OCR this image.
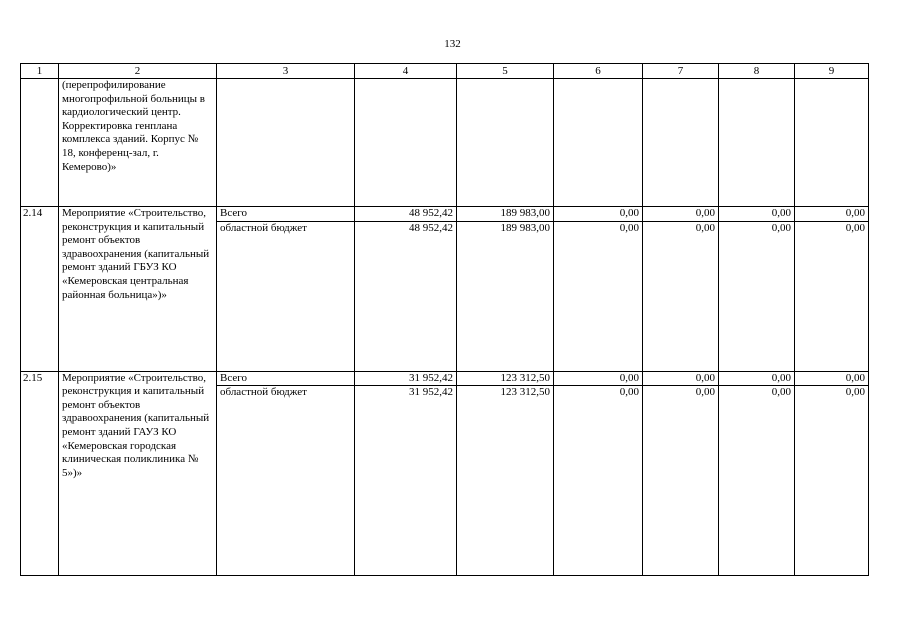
132
1	2	3	4	5	6	7	8	9
	(перепрофилирование многопрофильной больницы в кардиологический центр. Корректировка генплана комплекса зданий. Корпус № 18, конференц-зал, г. Кемерово)»							
2.14	Мероприятие «Строительство, реконструкция и капитальный ремонт объектов здравоохранения (капитальный ремонт зданий ГБУЗ КО «Кемеровская центральная районная больница»)»	Всего	48 952,42	189 983,00	0,00	0,00	0,00	0,00
		областной бюджет	48 952,42	189 983,00	0,00	0,00	0,00	0,00
2.15	Мероприятие «Строительство, реконструкция и капитальный ремонт объектов здравоохранения (капитальный ремонт зданий ГАУЗ КО «Кемеровская городская клиническая поликлиника № 5»)»	Всего	31 952,42	123 312,50	0,00	0,00	0,00	0,00
		областной бюджет	31 952,42	123 312,50	0,00	0,00	0,00	0,00
